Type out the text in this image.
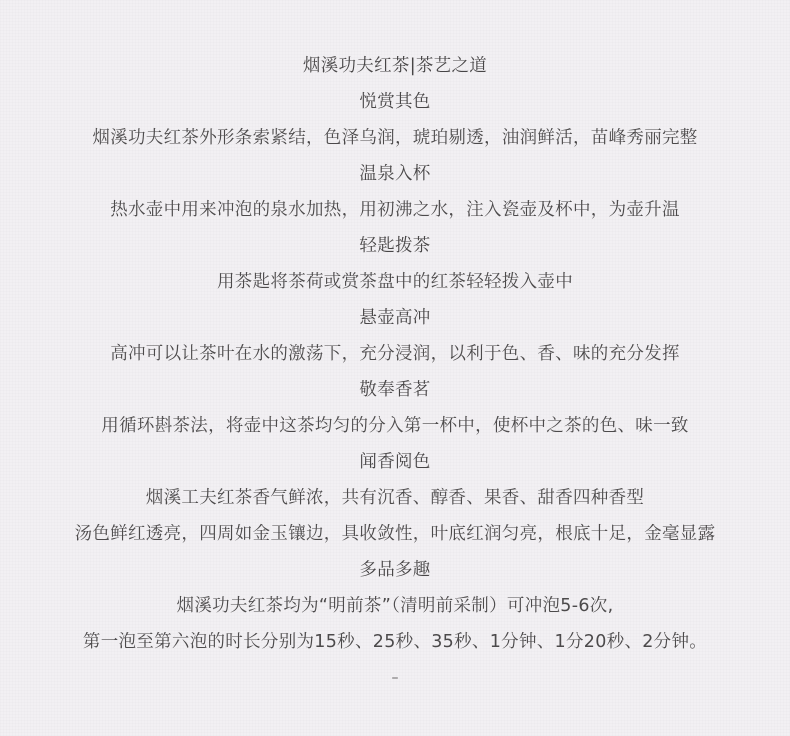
烟溪功夫红茶|茶艺之道
悦赏其色
烟溪功夫红茶外形条索紧结，色泽乌润，琥珀剔透，油润鲜活，苗峰秀丽完整
温泉入杯
热水壶中用来冲泡的泉水加热，用初沸之水，注入瓷壶及杯中，为壶升温
轻匙拨茶
用茶匙将茶荷或赏茶盘中的红茶轻轻拨入壶中
悬壶高冲
高冲可以让茶叶在水的激荡下，充分浸润，以利于色、香、味的充分发挥
敬奉香茗
用循环斟茶法，将壶中这茶均匀的分入第一杯中，使杯中之茶的色、味一致
闻香阅色
烟溪工夫红茶香气鲜浓，共有沉香、醇香、果香、甜香四种香型
汤色鲜红透亮，四周如金玉镶边，具收敛性，叶底红润匀亮，根底十足，金毫显露
多品多趣
烟溪功夫红茶均为“明前茶”（清明前采制）可冲泡5-6次,
第一泡至第六泡的时长分别为15秒、25秒、35秒、1分钟、1分20秒、2分钟。
–
